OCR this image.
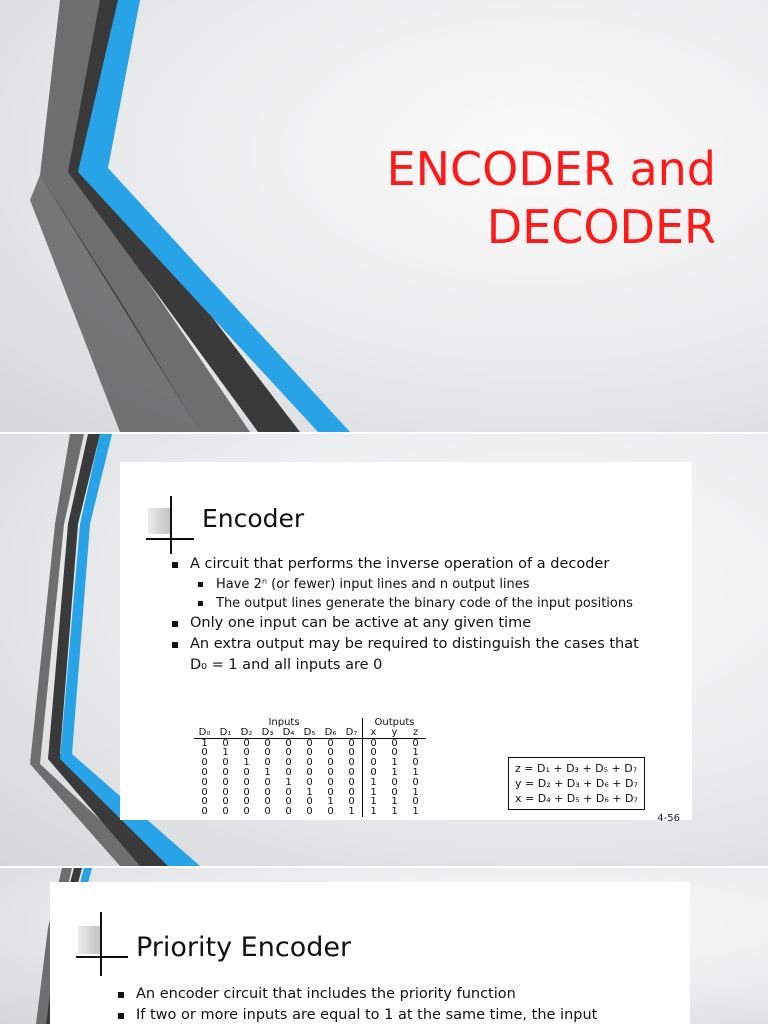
ENCODER and
DECODER
Encoder
A circuit that performs the inverse operation of a decoder
Have 2ⁿ (or fewer) input lines and n output lines
The output lines generate the binary code of the input positions
Only one input can be active at any given time
An extra output may be required to distinguish the cases that
D₀ = 1 and all inputs are 0
Inputs								Outputs		
D₀	D₁	D₂	D₃	D₄	D₅	D₆	D₇	x	y	z
1	0	0	0	0	0	0	0	0	0	0
0	1	0	0	0	0	0	0	0	0	1
0	0	1	0	0	0	0	0	0	1	0
0	0	0	1	0	0	0	0	0	1	1
0	0	0	0	1	0	0	0	1	0	0
0	0	0	0	0	1	0	0	1	0	1
0	0	0	0	0	0	1	0	1	1	0
0	0	0	0	0	0	0	1	1	1	1
z = D₁ + D₃ + D₅ + D₇
y = D₂ + D₃ + D₆ + D₇
x = D₄ + D₅ + D₆ + D₇
4-56
Priority Encoder
An encoder circuit that includes the priority function
If two or more inputs are equal to 1 at the same time, the input
